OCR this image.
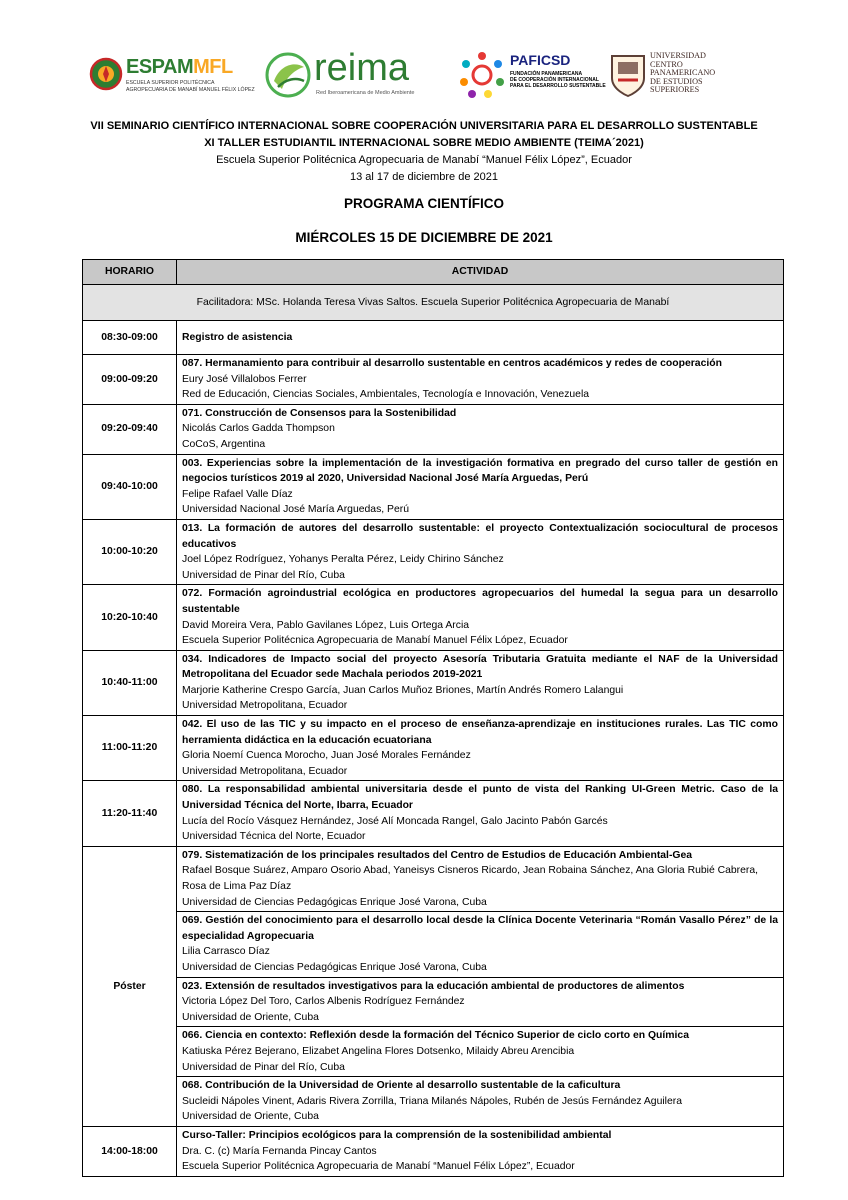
ESPAMMFL
ESCUELA SUPERIOR POLITÉCNICA
AGROPECUARIA DE MANABÍ MANUEL FÉLIX LÓPEZ
reima
Red Iberoamericana de Medio Ambiente
PAFICSD
FUNDACIÓN PANAMERICANA
DE COOPERACIÓN INTERNACIONAL
PARA EL DESARROLLO SUSTENTABLE
UNIVERSIDAD
CENTRO
PANAMERICANO
DE ESTUDIOS
SUPERIORES
VII SEMINARIO CIENTÍFICO INTERNACIONAL SOBRE COOPERACIÓN UNIVERSITARIA PARA EL DESARROLLO SUSTENTABLE
XI TALLER ESTUDIANTIL INTERNACIONAL SOBRE MEDIO AMBIENTE (TEIMA´2021)
Escuela Superior Politécnica Agropecuaria de Manabí “Manuel Félix López”, Ecuador
13 al 17 de diciembre de 2021
PROGRAMA CIENTÍFICO
MIÉRCOLES 15 DE DICIEMBRE DE 2021
HORARIO	ACTIVIDAD
Facilitadora: MSc. Holanda Teresa Vivas Saltos. Escuela Superior Politécnica Agropecuaria de Manabí	
08:30-09:00	Registro de asistencia
09:00-09:20	087. Hermanamiento para contribuir al desarrollo sustentable en centros académicos y redes de cooperación
Eury José Villalobos Ferrer
Red de Educación, Ciencias Sociales, Ambientales, Tecnología e Innovación, Venezuela

09:20-09:40	071. Construcción de Consensos para la Sostenibilidad
Nicolás Carlos Gadda Thompson
CoCoS, Argentina

09:40-10:00	003. Experiencias sobre la implementación de la investigación formativa en pregrado del curso taller de gestión en negocios turísticos 2019 al 2020, Universidad Nacional José María Arguedas, Perú
Felipe Rafael Valle Díaz
Universidad Nacional José María Arguedas, Perú

10:00-10:20	013. La formación de autores del desarrollo sustentable: el proyecto Contextualización sociocultural de procesos educativos
Joel López Rodríguez, Yohanys Peralta Pérez, Leidy Chirino Sánchez
Universidad de Pinar del Río, Cuba

10:20-10:40	072. Formación agroindustrial ecológica en productores agropecuarios del humedal la segua para un desarrollo sustentable
David Moreira Vera, Pablo Gavilanes López, Luis Ortega Arcia
Escuela Superior Politécnica Agropecuaria de Manabí Manuel Félix López, Ecuador

10:40-11:00	034. Indicadores de Impacto social del proyecto Asesoría Tributaria Gratuita mediante el NAF de la Universidad Metropolitana del Ecuador sede Machala periodos 2019-2021
Marjorie Katherine Crespo García, Juan Carlos Muñoz Briones, Martín Andrés Romero Lalangui
Universidad Metropolitana, Ecuador

11:00-11:20	042. El uso de las TIC y su impacto en el proceso de enseñanza-aprendizaje en instituciones rurales. Las TIC como herramienta didáctica en la educación ecuatoriana
Gloria Noemí Cuenca Morocho, Juan José Morales Fernández
Universidad Metropolitana, Ecuador

11:20-11:40	080. La responsabilidad ambiental universitaria desde el punto de vista del Ranking UI-Green Metric. Caso de la Universidad Técnica del Norte, Ibarra, Ecuador
Lucía del Rocío Vásquez Hernández, José Alí Moncada Rangel, Galo Jacinto Pabón Garcés
Universidad Técnica del Norte, Ecuador

Póster	079. Sistematización de los principales resultados del Centro de Estudios de Educación Ambiental-Gea
Rafael Bosque Suárez, Amparo Osorio Abad, Yaneisys Cisneros Ricardo, Jean Robaina Sánchez, Ana Gloria Rubié Cabrera, Rosa de Lima Paz Díaz
Universidad de Ciencias Pedagógicas Enrique José Varona, Cuba

	069. Gestión del conocimiento para el desarrollo local desde la Clínica Docente Veterinaria “Román Vasallo Pérez” de la especialidad Agropecuaria
Lilia Carrasco Díaz
Universidad de Ciencias Pedagógicas Enrique José Varona, Cuba

	023. Extensión de resultados investigativos para la educación ambiental de productores de alimentos
Victoria López Del Toro, Carlos Albenis Rodríguez Fernández
Universidad de Oriente, Cuba

	066. Ciencia en contexto: Reflexión desde la formación del Técnico Superior de ciclo corto en Química
Katiuska Pérez Bejerano, Elizabet Angelina Flores Dotsenko, Milaidy Abreu Arencibia
Universidad de Pinar del Río, Cuba

	068. Contribución de la Universidad de Oriente al desarrollo sustentable de la caficultura
Sucleidi Nápoles Vinent, Adaris Rivera Zorrilla, Triana Milanés Nápoles, Rubén de Jesús Fernández Aguilera
Universidad de Oriente, Cuba

14:00-18:00	Curso-Taller: Principios ecológicos para la comprensión de la sostenibilidad ambiental
Dra. C. (c) María Fernanda Pincay Cantos
Escuela Superior Politécnica Agropecuaria de Manabí “Manuel Félix López”, Ecuador
